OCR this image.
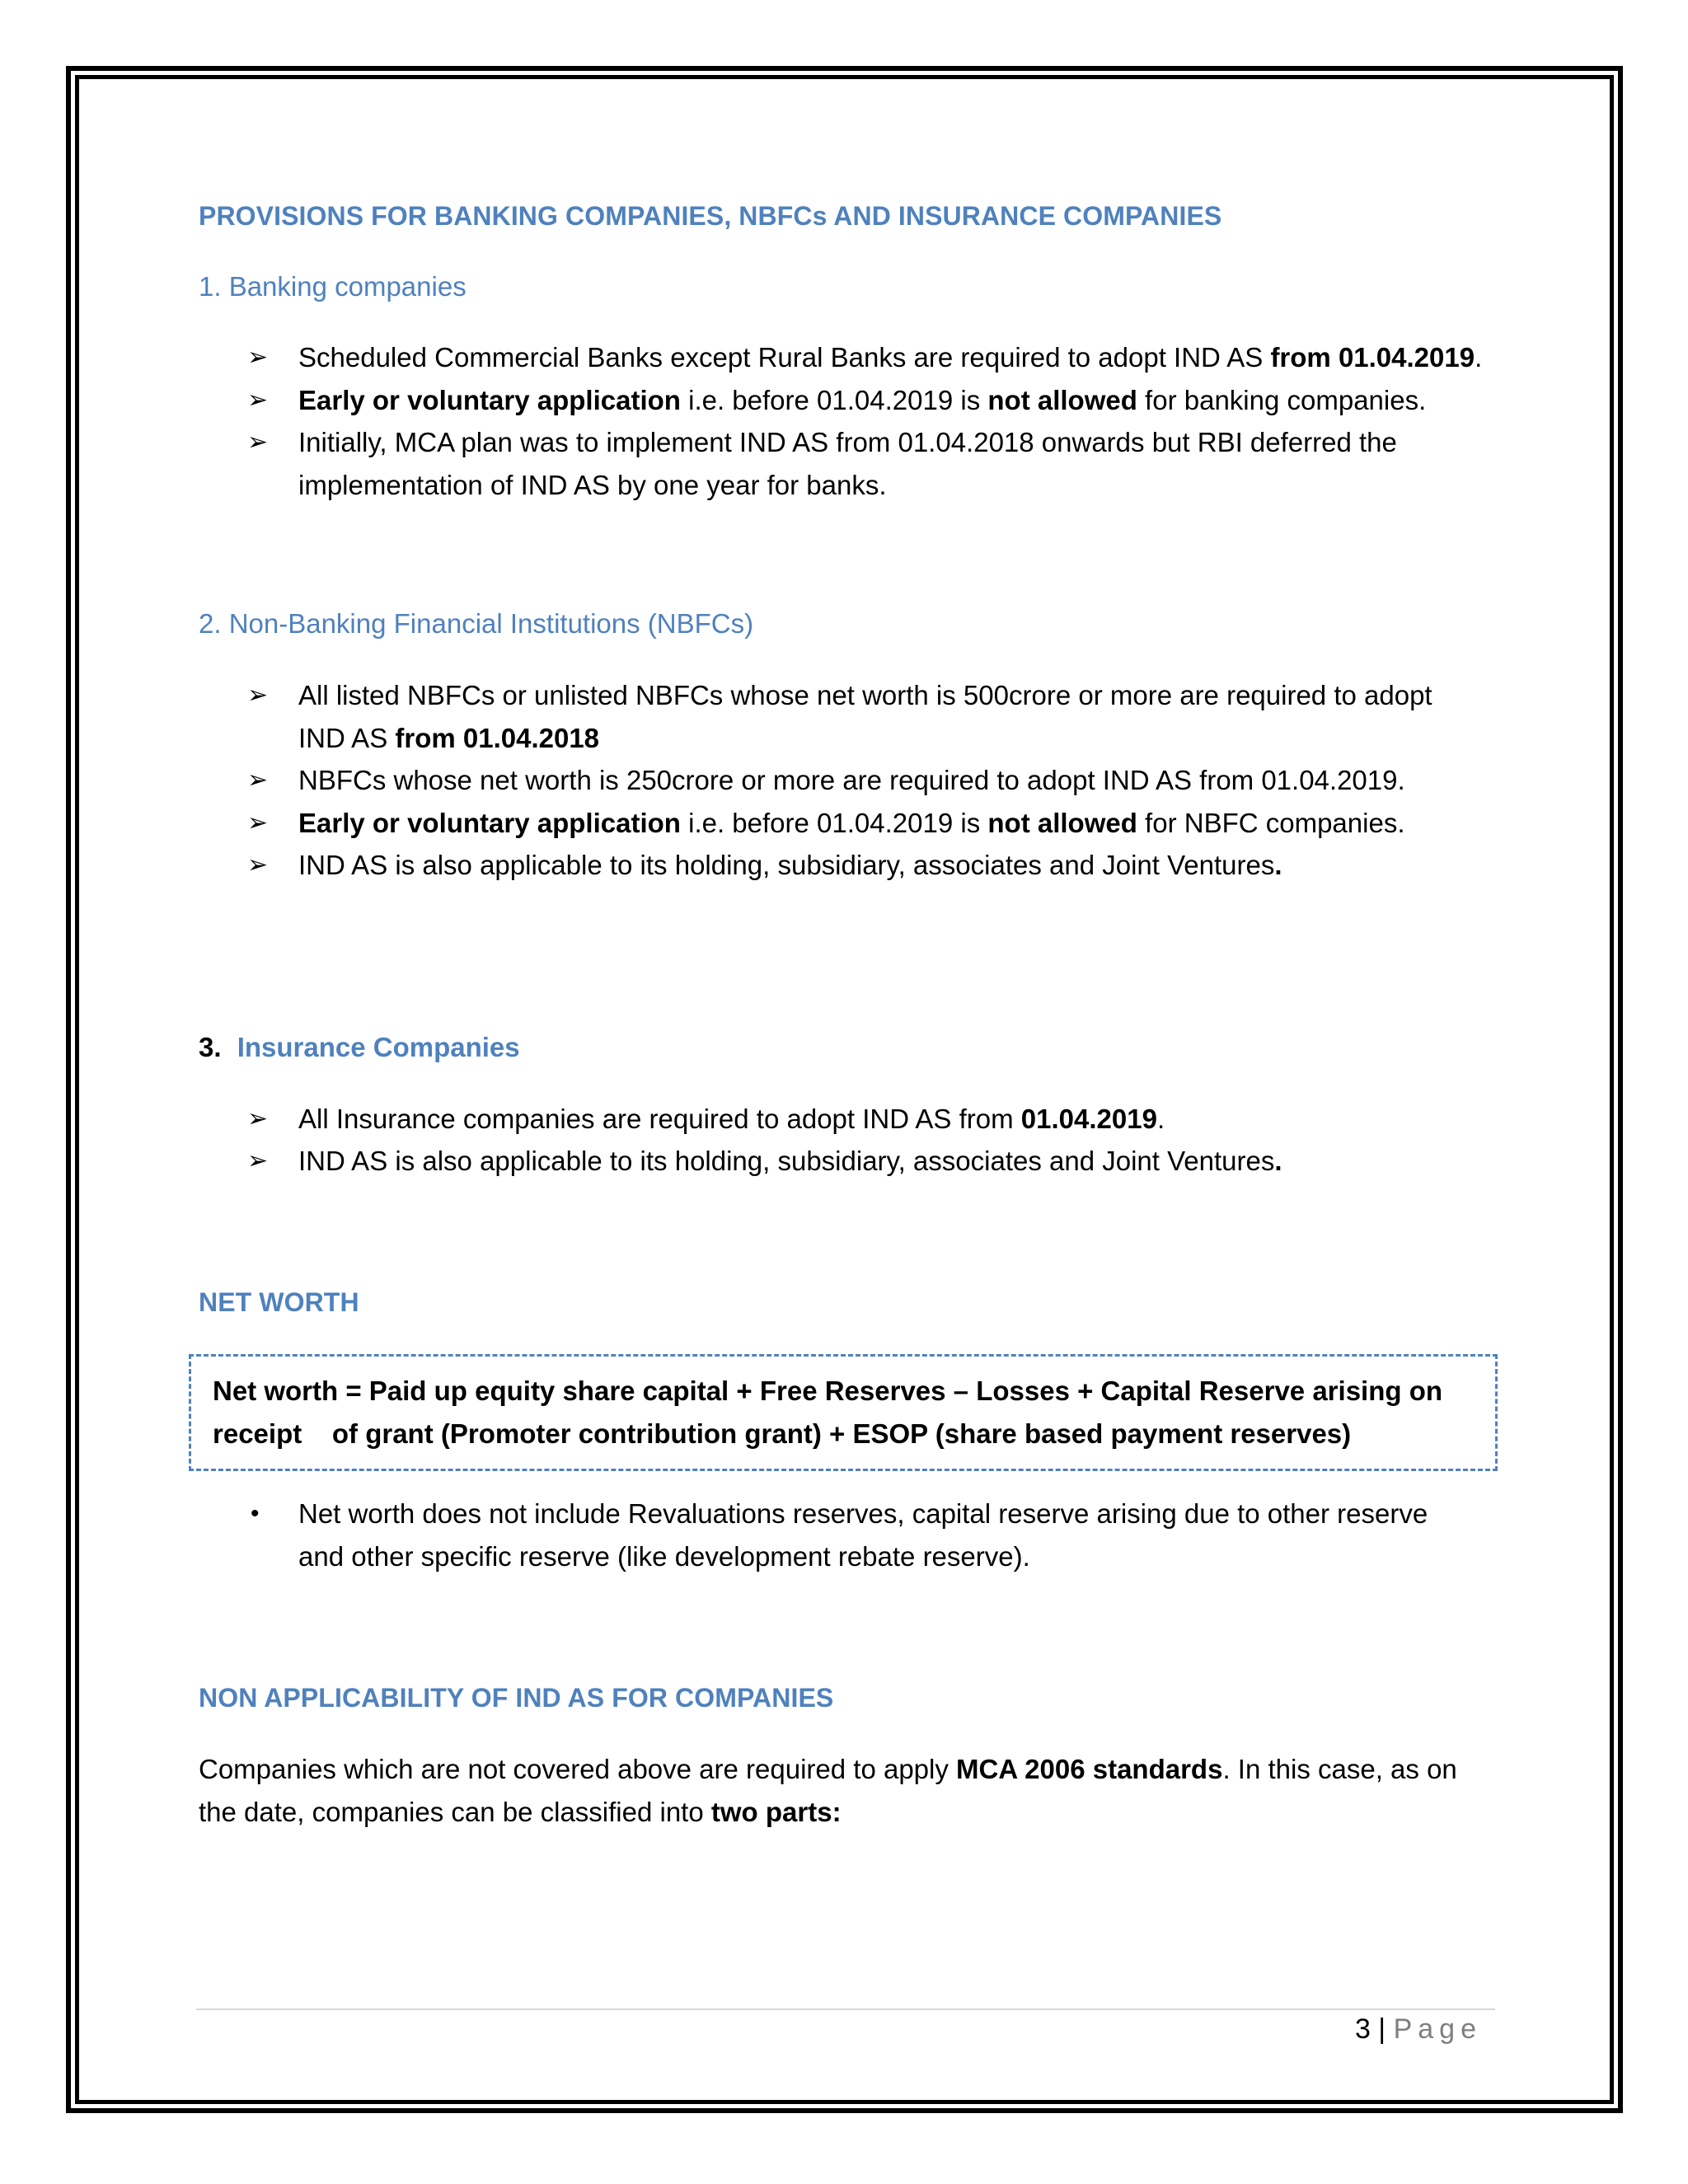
PROVISIONS FOR BANKING COMPANIES, NBFCs AND INSURANCE COMPANIES
1. Banking companies
➢	Scheduled Commercial Banks except Rural Banks are required to adopt IND AS from 01.04.2019.
➢	Early or voluntary application i.e. before 01.04.2019 is not allowed for banking companies.
➢	Initially, MCA plan was to implement IND AS from 01.04.2018 onwards but RBI deferred the
implementation of IND AS by one year for banks.
2. Non-Banking Financial Institutions (NBFCs)
➢	All listed NBFCs or unlisted NBFCs whose net worth is 500crore or more are required to adopt
IND AS from 01.04.2018
➢	NBFCs whose net worth is 250crore or more are required to adopt IND AS from 01.04.2019.
➢	Early or voluntary application i.e. before 01.04.2019 is not allowed for NBFC companies.
➢	IND AS is also applicable to its holding, subsidiary, associates and Joint Ventures.
3. Insurance Companies
➢	All Insurance companies are required to adopt IND AS from 01.04.2019.
➢	IND AS is also applicable to its holding, subsidiary, associates and Joint Ventures.
NET WORTH
Net worth = Paid up equity share capital + Free Reserves – Losses + Capital Reserve arising on
receipt    of grant (Promoter contribution grant) + ESOP (share based payment reserves)
• Net worth does not include Revaluations reserves, capital reserve arising due to other reserve
and other specific reserve (like development rebate reserve).
NON APPLICABILITY OF IND AS FOR COMPANIES
Companies which are not covered above are required to apply MCA 2006 standards. In this case, as on
the date, companies can be classified into two parts:
3 | Page
